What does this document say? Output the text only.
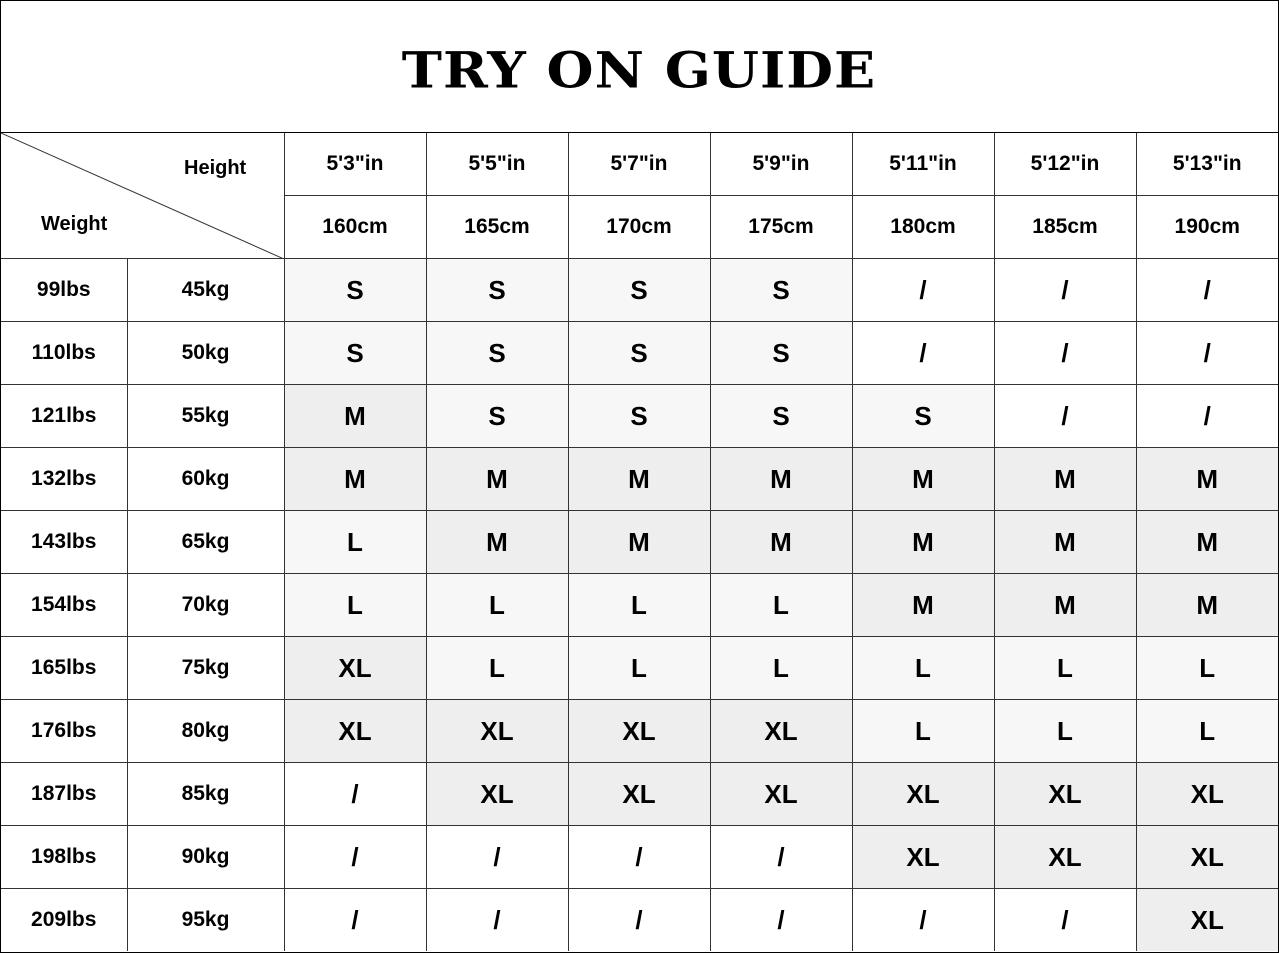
TRY ON GUIDE
Height
Weight		5'3"in	5'5"in	5'7"in	5'9"in	5'11"in	5'12"in	5'13"in
		160cm	165cm	170cm	175cm	180cm	185cm	190cm
99lbs	45kg	S	S	S	S	/	/	/
110lbs	50kg	S	S	S	S	/	/	/
121lbs	55kg	M	S	S	S	S	/	/
132lbs	60kg	M	M	M	M	M	M	M
143lbs	65kg	L	M	M	M	M	M	M
154lbs	70kg	L	L	L	L	M	M	M
165lbs	75kg	XL	L	L	L	L	L	L
176lbs	80kg	XL	XL	XL	XL	L	L	L
187lbs	85kg	/	XL	XL	XL	XL	XL	XL
198lbs	90kg	/	/	/	/	XL	XL	XL
209lbs	95kg	/	/	/	/	/	/	XL
